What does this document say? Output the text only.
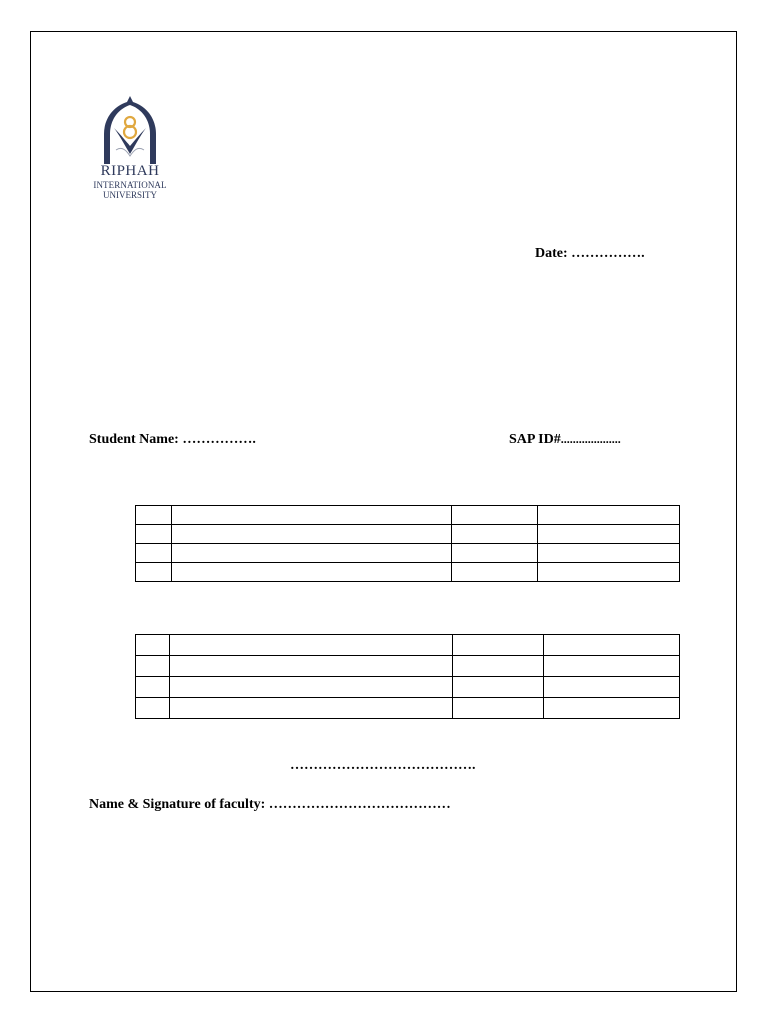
RIPHAH
INTERNATIONAL
UNIVERSITY
Date: …………….
Student Name: …………….	SAP ID#....................

………………………………….
Name & Signature of faculty: …………………………………
